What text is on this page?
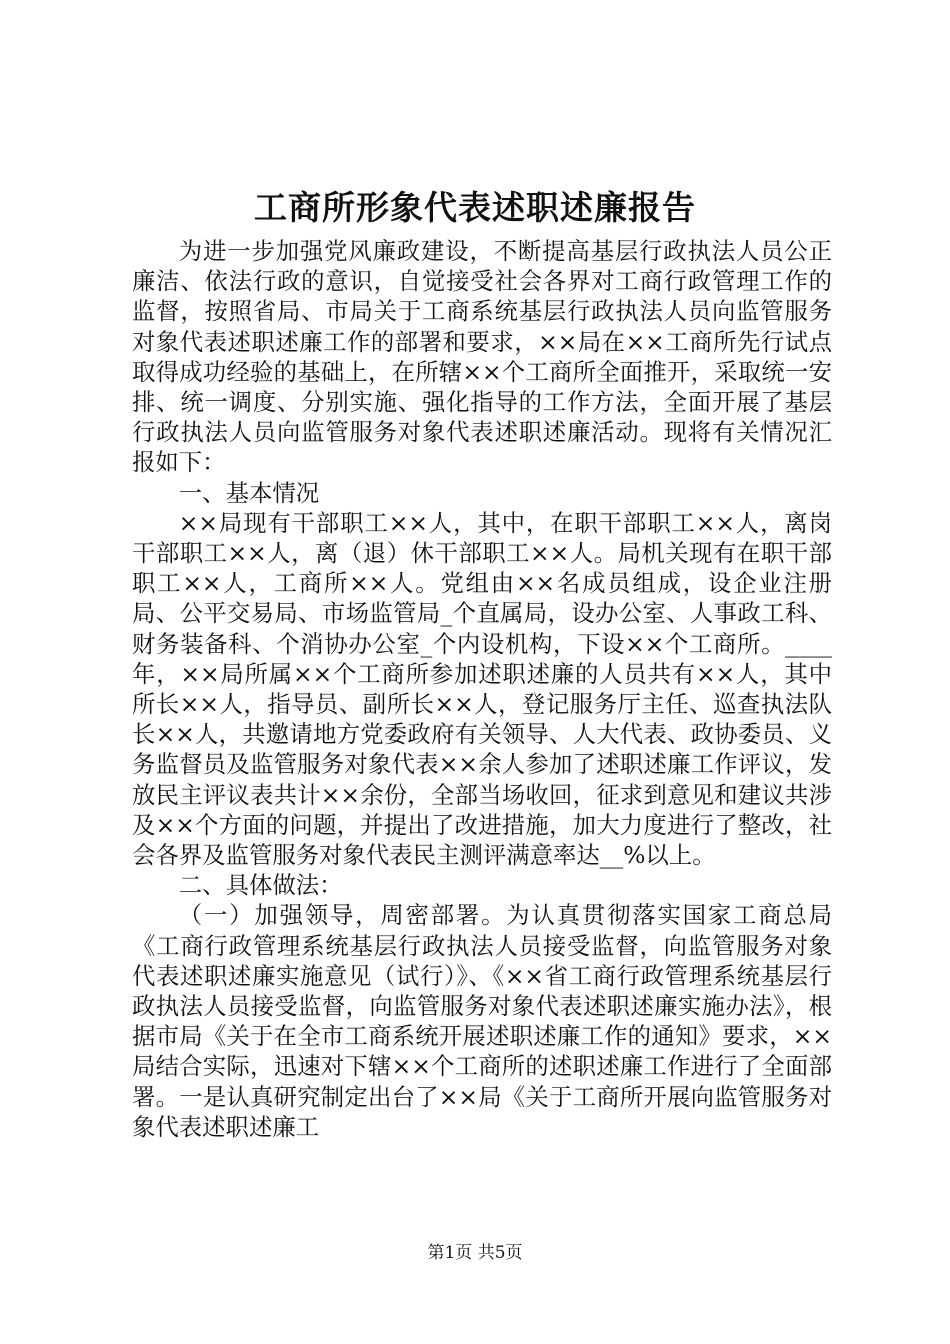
工商所形象代表述职述廉报告

为进一步加强党风廉政建设，不断提高基层行政执法人员公正廉洁、依法行政的意识，自觉接受社会各界对工商行政管理工作的监督，按照省局、市局关于工商系统基层行政执法人员向监管服务对象代表述职述廉工作的部署和要求，××局在××工商所先行试点取得成功经验的基础上，在所辖××个工商所全面推开，采取统一安排、统一调度、分别实施、强化指导的工作方法，全面开展了基层行政执法人员向监管服务对象代表述职述廉活动。现将有关情况汇报如下：

一、基本情况

××局现有干部职工××人，其中，在职干部职工××人，离岗干部职工××人，离（退）休干部职工××人。局机关现有在职干部职工××人，工商所××人。党组由××名成员组成，设企业注册局、公平交易局、市场监管局_个直属局，设办公室、人事政工科、财务装备科、个消协办公室_个内设机构，下设××个工商所。____年，××局所属××个工商所参加述职述廉的人员共有××人，其中所长××人，指导员、副所长××人，登记服务厅主任、巡查执法队长××人，共邀请地方党委政府有关领导、人大代表、政协委员、义务监督员及监管服务对象代表××余人参加了述职述廉工作评议，发放民主评议表共计××余份，全部当场收回，征求到意见和建议共涉及××个方面的问题，并提出了改进措施，加大力度进行了整改，社会各界及监管服务对象代表民主测评满意率达__%以上。

二、具体做法：

（一）加强领导，周密部署。为认真贯彻落实国家工商总局《工商行政管理系统基层行政执法人员接受监督，向监管服务对象代表述职述廉实施意见（试行）》、《××省工商行政管理系统基层行政执法人员接受监督，向监管服务对象代表述职述廉实施办法》，根据市局《关于在全市工商系统开展述职述廉工作的通知》要求，××局结合实际，迅速对下辖××个工商所的述职述廉工作进行了全面部署。一是认真研究制定出台了××局《关于工商所开展向监管服务对象代表述职述廉工

第1页 共5页
